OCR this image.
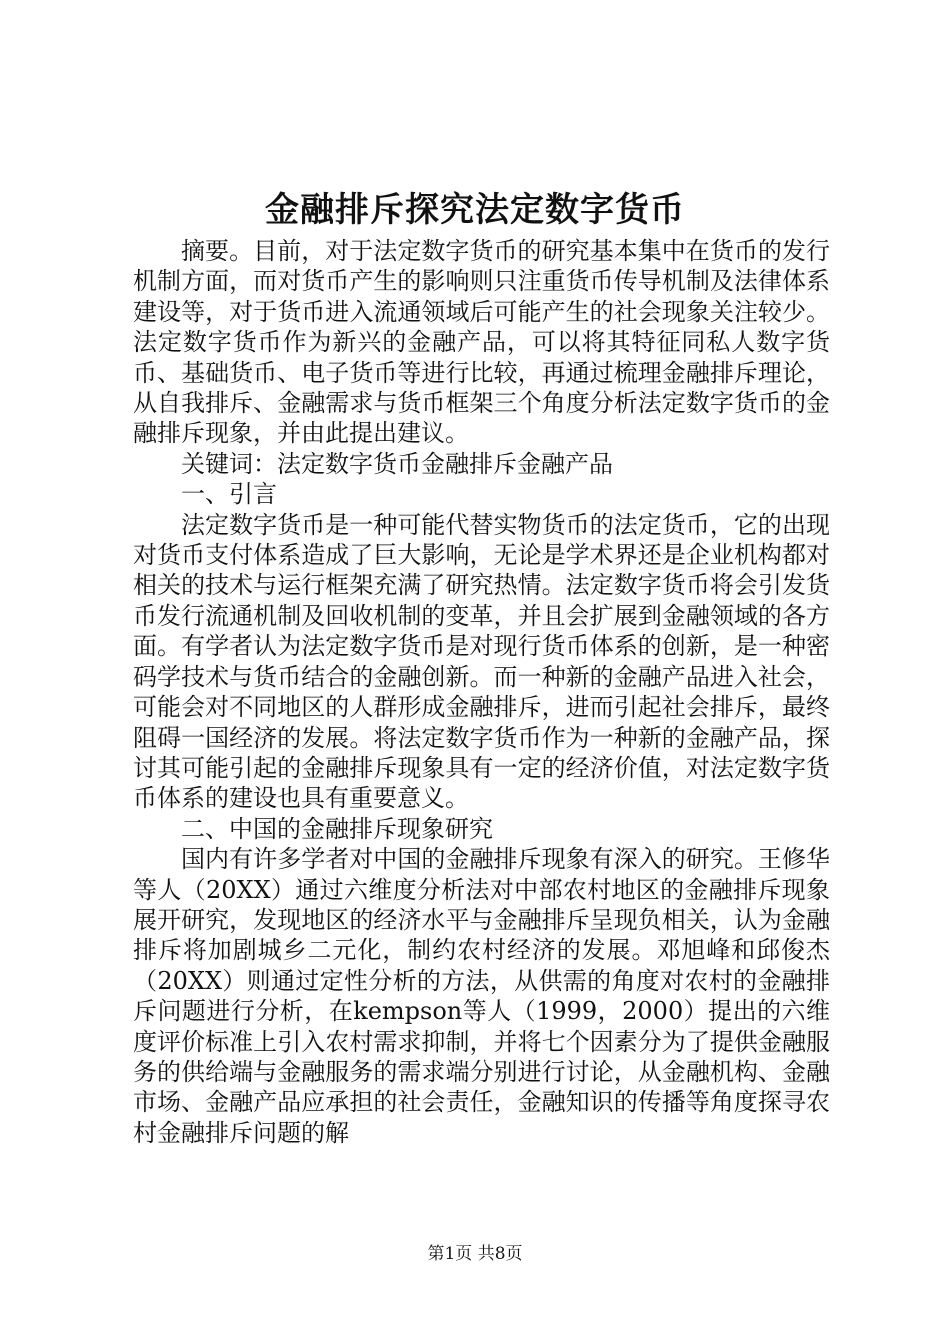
金融排斥探究法定数字货币

摘要。目前，对于法定数字货币的研究基本集中在货币的发行机制方面，而对货币产生的影响则只注重货币传导机制及法律体系建设等，对于货币进入流通领域后可能产生的社会现象关注较少。法定数字货币作为新兴的金融产品，可以将其特征同私人数字货币、基础货币、电子货币等进行比较，再通过梳理金融排斥理论，从自我排斥、金融需求与货币框架三个角度分析法定数字货币的金融排斥现象，并由此提出建议。

关键词：法定数字货币金融排斥金融产品

一、引言

法定数字货币是一种可能代替实物货币的法定货币，它的出现对货币支付体系造成了巨大影响，无论是学术界还是企业机构都对相关的技术与运行框架充满了研究热情。法定数字货币将会引发货币发行流通机制及回收机制的变革，并且会扩展到金融领域的各方面。有学者认为法定数字货币是对现行货币体系的创新，是一种密码学技术与货币结合的金融创新。而一种新的金融产品进入社会，可能会对不同地区的人群形成金融排斥，进而引起社会排斥，最终阻碍一国经济的发展。将法定数字货币作为一种新的金融产品，探讨其可能引起的金融排斥现象具有一定的经济价值，对法定数字货币体系的建设也具有重要意义。

二、中国的金融排斥现象研究

国内有许多学者对中国的金融排斥现象有深入的研究。王修华等人（20XX）通过六维度分析法对中部农村地区的金融排斥现象展开研究，发现地区的经济水平与金融排斥呈现负相关，认为金融排斥将加剧城乡二元化，制约农村经济的发展。邓旭峰和邱俊杰（20XX）则通过定性分析的方法，从供需的角度对农村的金融排斥问题进行分析，在kempson等人（1999，2000）提出的六维度评价标准上引入农村需求抑制，并将七个因素分为了提供金融服务的供给端与金融服务的需求端分别进行讨论，从金融机构、金融市场、金融产品应承担的社会责任，金融知识的传播等角度探寻农村金融排斥问题的解

第1页 共8页
